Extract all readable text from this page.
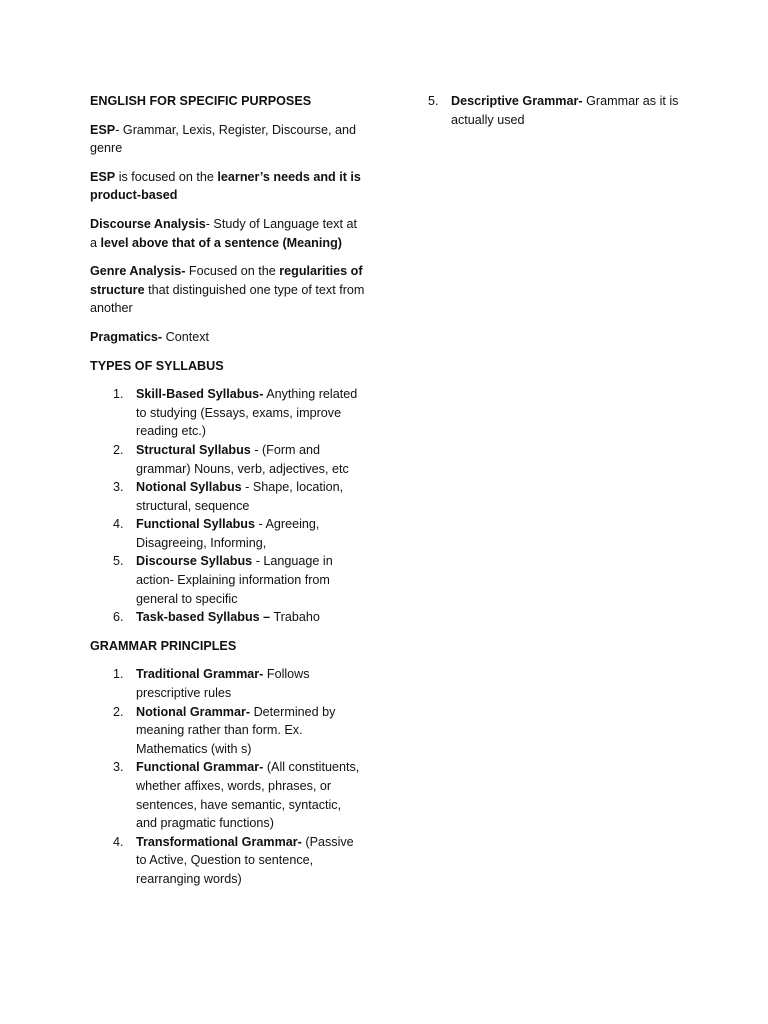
ENGLISH FOR SPECIFIC PURPOSES

ESP- Grammar, Lexis, Register, Discourse, and genre

ESP is focused on the learner’s needs and it is product-based

Discourse Analysis- Study of Language text at a level above that of a sentence (Meaning)

Genre Analysis- Focused on the regularities of structure that distinguished one type of text from another

Pragmatics- Context

TYPES OF SYLLABUS

1. Skill-Based Syllabus- Anything related to studying (Essays, exams, improve reading etc.)
2. Structural Syllabus - (Form and grammar) Nouns, verb, adjectives, etc
3. Notional Syllabus - Shape, location, structural, sequence
4. Functional Syllabus - Agreeing, Disagreeing, Informing,
5. Discourse Syllabus - Language in action- Explaining information from general to specific
6. Task-based Syllabus – Trabaho

GRAMMAR PRINCIPLES

1. Traditional Grammar- Follows prescriptive rules
2. Notional Grammar- Determined by meaning rather than form. Ex. Mathematics (with s)
3. Functional Grammar- (All constituents, whether affixes, words, phrases, or sentences, have semantic, syntactic, and pragmatic functions)
4. Transformational Grammar- (Passive to Active, Question to sentence, rearranging words)
5. Descriptive Grammar- Grammar as it is actually used
